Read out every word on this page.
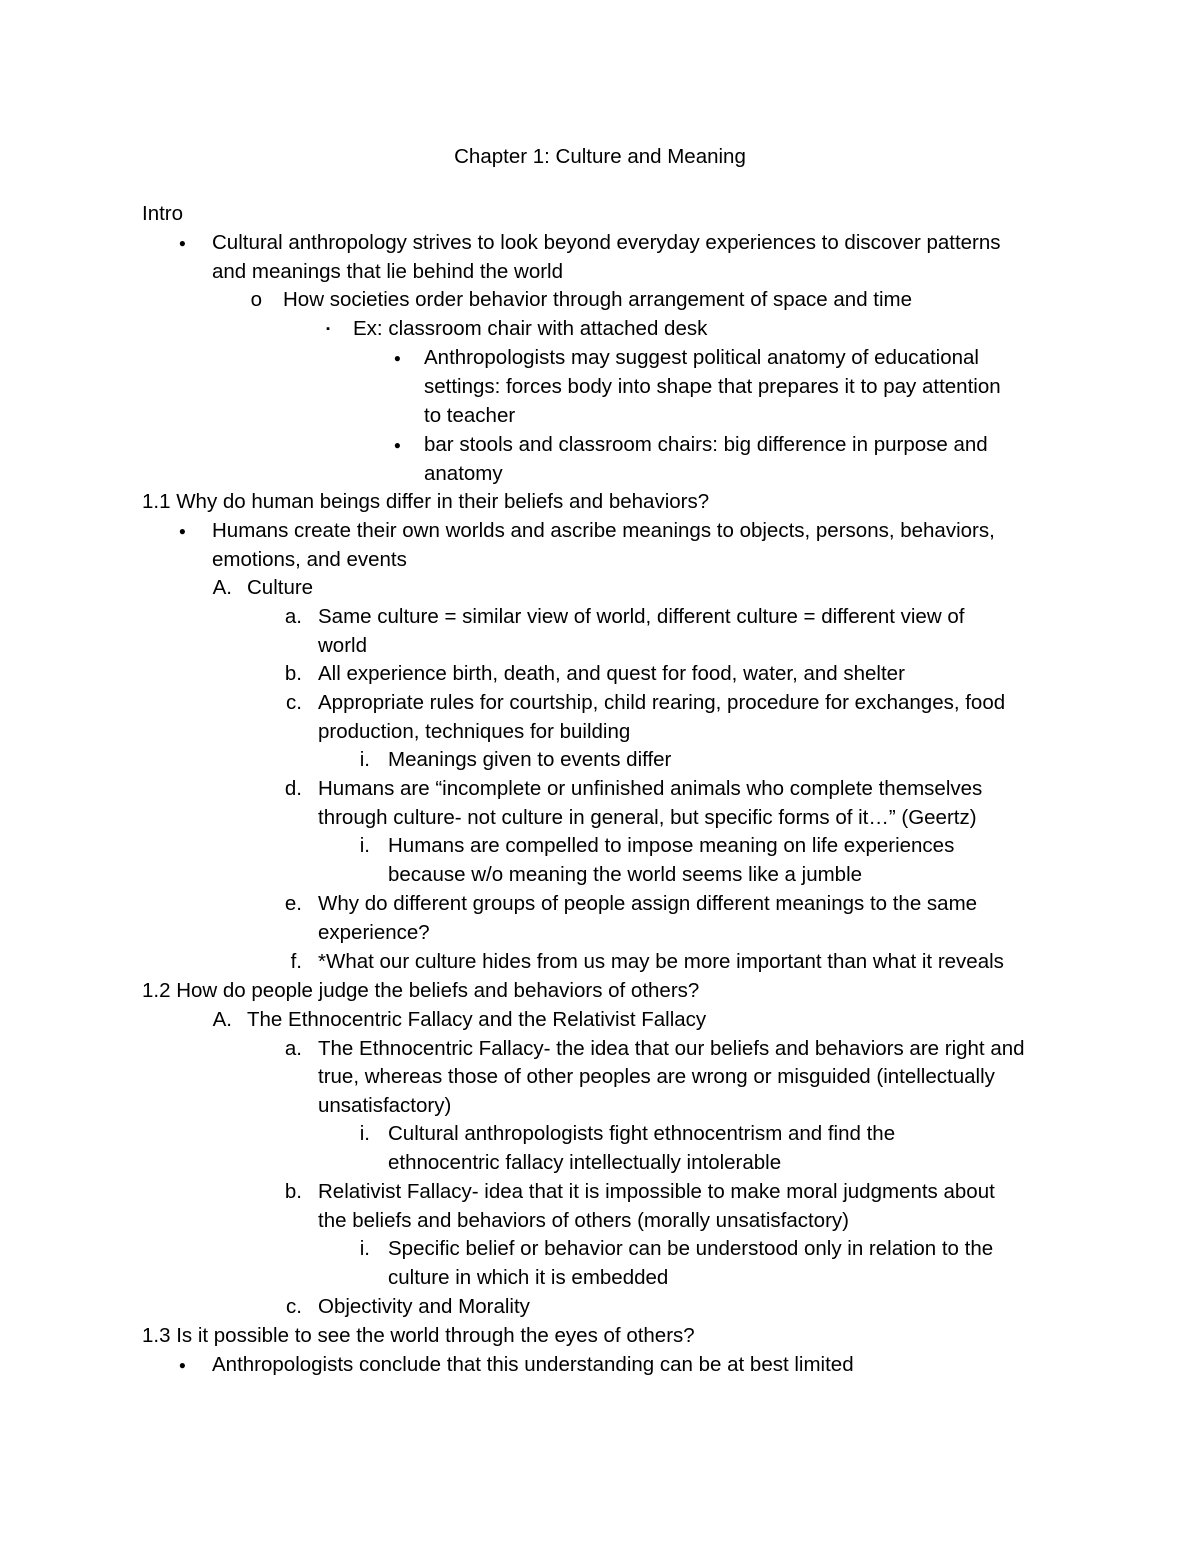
Chapter 1: Culture and Meaning
Intro
● Cultural anthropology strives to look beyond everyday experiences to discover patterns
and meanings that lie behind the world
o How societies order behavior through arrangement of space and time
▪ Ex: classroom chair with attached desk
● Anthropologists may suggest political anatomy of educational
settings: forces body into shape that prepares it to pay attention
to teacher
● bar stools and classroom chairs: big difference in purpose and
anatomy
1.1 Why do human beings differ in their beliefs and behaviors?
● Humans create their own worlds and ascribe meanings to objects, persons, behaviors,
emotions, and events
A. Culture
a. Same culture = similar view of world, different culture = different view of
world
b. All experience birth, death, and quest for food, water, and shelter
c. Appropriate rules for courtship, child rearing, procedure for exchanges, food
production, techniques for building
i. Meanings given to events differ
d. Humans are “incomplete or unfinished animals who complete themselves
through culture- not culture in general, but specific forms of it…” (Geertz)
i. Humans are compelled to impose meaning on life experiences
because w/o meaning the world seems like a jumble
e. Why do different groups of people assign different meanings to the same
experience?
f. *What our culture hides from us may be more important than what it reveals
1.2 How do people judge the beliefs and behaviors of others?
A. The Ethnocentric Fallacy and the Relativist Fallacy
a. The Ethnocentric Fallacy- the idea that our beliefs and behaviors are right and
true, whereas those of other peoples are wrong or misguided (intellectually
unsatisfactory)
i. Cultural anthropologists fight ethnocentrism and find the
ethnocentric fallacy intellectually intolerable
b. Relativist Fallacy- idea that it is impossible to make moral judgments about
the beliefs and behaviors of others (morally unsatisfactory)
i. Specific belief or behavior can be understood only in relation to the
culture in which it is embedded
c. Objectivity and Morality
1.3 Is it possible to see the world through the eyes of others?
● Anthropologists conclude that this understanding can be at best limited
